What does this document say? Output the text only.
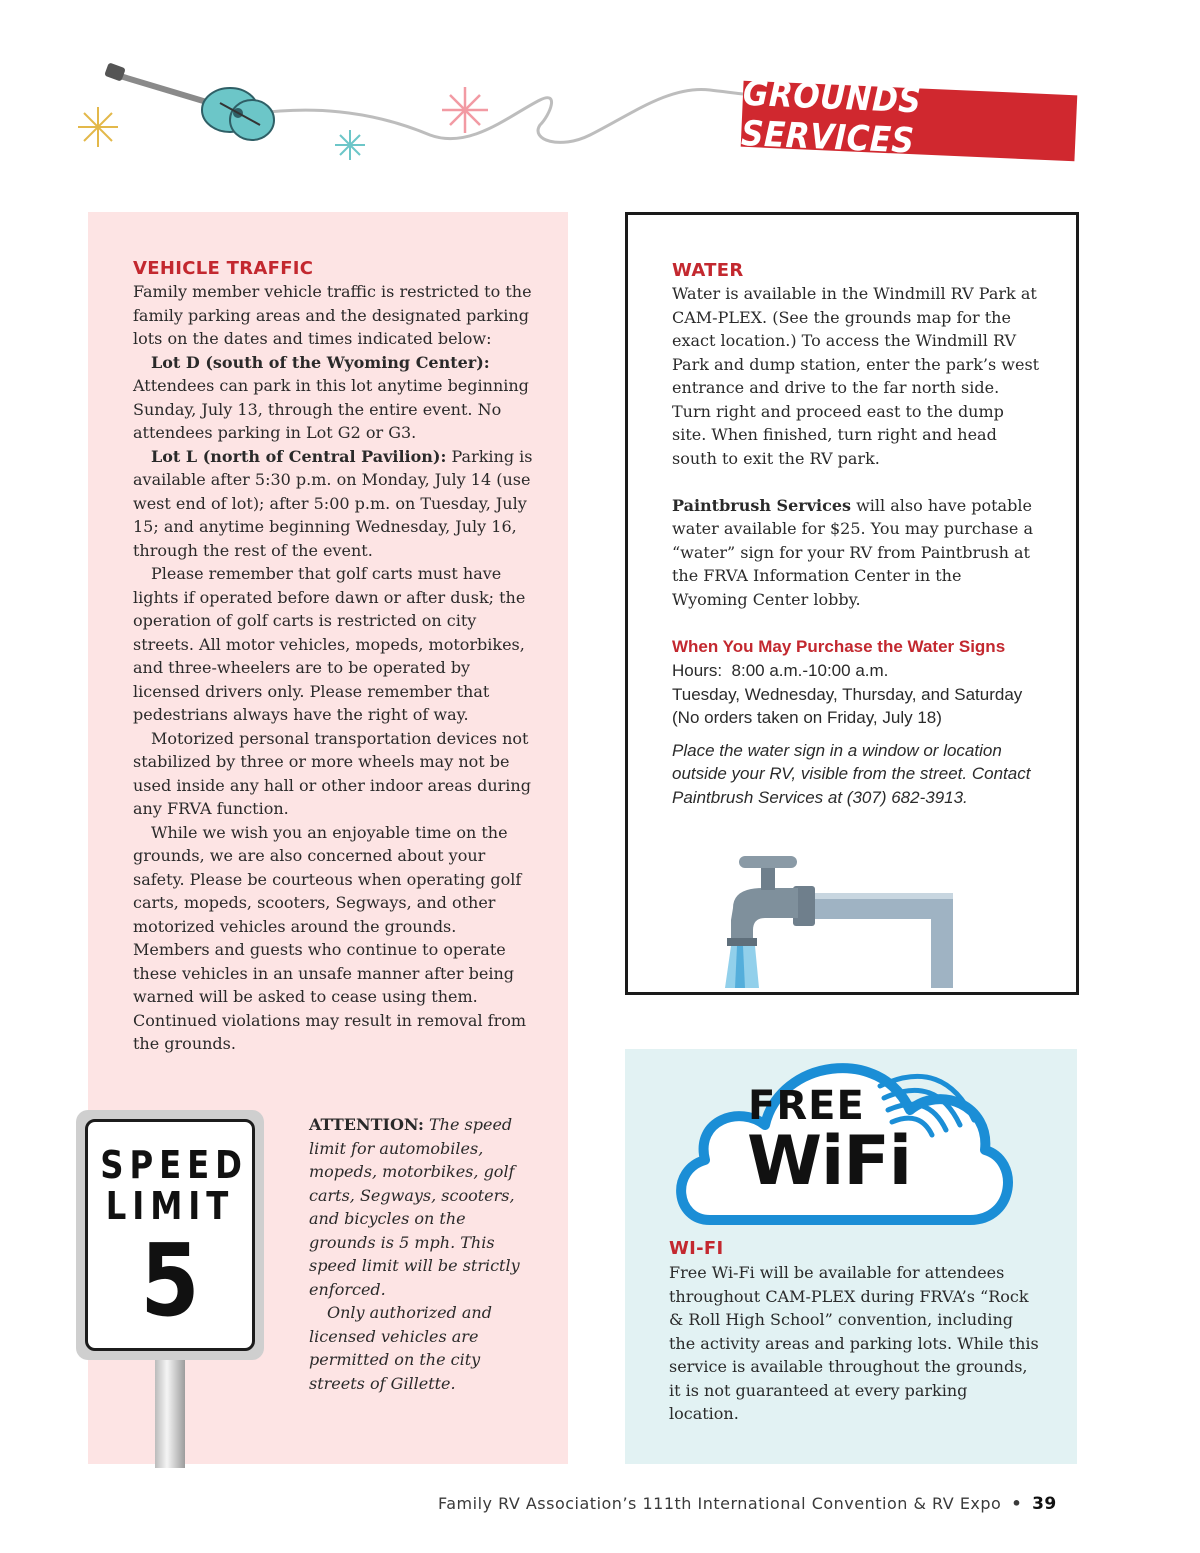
GROUNDS SERVICES
VEHICLE TRAFFIC

Family member vehicle traffic is restricted to the family parking areas and the designated parking lots on the dates and times indicated below:

Lot D (south of the Wyoming Center):

Attendees can park in this lot anytime beginning Sunday, July 13, through the entire event. No attendees parking in Lot G2 or G3.

Lot L (north of Central Pavilion): Parking is available after 5:30 p.m. on Monday, July 14 (use west end of lot); after 5:00 p.m. on Tuesday, July 15; and anytime beginning Wednesday, July 16, through the rest of the event.

Please remember that golf carts must have lights if operated before dawn or after dusk; the operation of golf carts is restricted on city streets. All motor vehicles, mopeds, motorbikes, and three-wheelers are to be operated by licensed drivers only. Please remember that pedestrians always have the right of way.

Motorized personal transportation devices not stabilized by three or more wheels may not be used inside any hall or other indoor areas during any FRVA function.

While we wish you an enjoyable time on the grounds, we are also concerned about your safety. Please be courteous when operating golf carts, mopeds, scooters, Segways, and other motorized vehicles around the grounds. Members and guests who continue to operate these vehicles in an unsafe manner after being warned will be asked to cease using them. Continued violations may result in removal from the grounds.

SPEED
LIMIT
5
ATTENTION: The speed limit for automobiles, mopeds, motorbikes, golf carts, Segways, scooters, and bicycles on the grounds is 5 mph. This speed limit will be strictly enforced.
Only authorized and licensed vehicles are permitted on the city streets of Gillette.
WATER

Water is available in the Windmill RV Park at CAM-PLEX. (See the grounds map for the exact location.) To access the Windmill RV Park and dump station, enter the park’s west entrance and drive to the far north side. Turn right and proceed east to the dump site. When finished, turn right and head south to exit the RV park.

Paintbrush Services will also have potable water available for $25. You may purchase a “water” sign for your RV from Paintbrush at the FRVA Information Center in the Wyoming Center lobby.

When You May Purchase the Water Signs
Hours:  8:00 a.m.-10:00 a.m.
Tuesday, Wednesday, Thursday, and Saturday
(No orders taken on Friday, July 18)
Place the water sign in a window or location outside your RV, visible from the street. Contact Paintbrush Services at (307) 682-3913.
FREE
WiFi
WI-FI

Free Wi-Fi will be available for attendees throughout CAM-PLEX during FRVA’s “Rock & Roll High School” convention, including the activity areas and parking lots. While this service is available throughout the grounds, it is not guaranteed at every parking location.

Family RV Association’s 111th International Convention & RV Expo • 39
